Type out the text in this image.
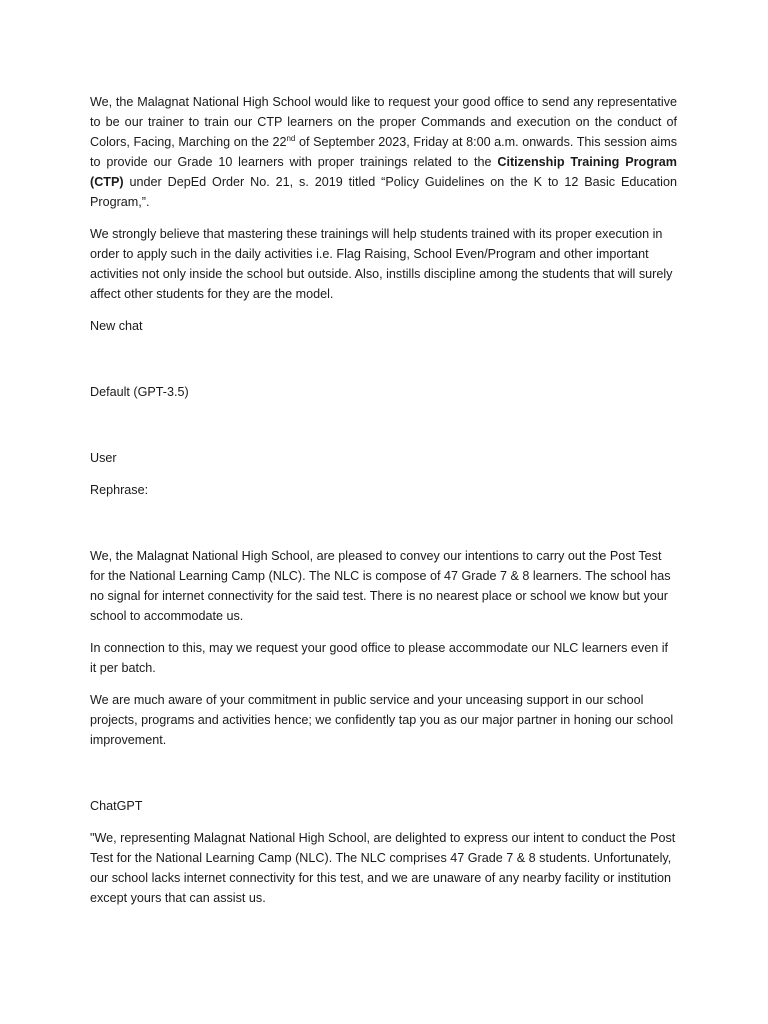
We, the Malagnat National High School would like to request your good office to send any representative to be our trainer to train our CTP learners on the proper Commands and execution on the conduct of Colors, Facing, Marching on the 22nd of September 2023, Friday at 8:00 a.m. onwards. This session aims to provide our Grade 10 learners with proper trainings related to the Citizenship Training Program (CTP) under DepEd Order No. 21, s. 2019 titled “Policy Guidelines on the K to 12 Basic Education Program,”.

We strongly believe that mastering these trainings will help students trained with its proper execution in order to apply such in the daily activities i.e. Flag Raising, School Even/Program and other important activities not only inside the school but outside. Also, instills discipline among the students that will surely affect other students for they are the model.

New chat

Default (GPT-3.5)

User

Rephrase:

We, the Malagnat National High School, are pleased to convey our intentions to carry out the Post Test for the National Learning Camp (NLC). The NLC is compose of 47 Grade 7 & 8 learners. The school has no signal for internet connectivity for the said test. There is no nearest place or school we know but your school to accommodate us.

In connection to this, may we request your good office to please accommodate our NLC learners even if it per batch.

We are much aware of your commitment in public service and your unceasing support in our school projects, programs and activities hence; we confidently tap you as our major partner in honing our school improvement.

ChatGPT

"We, representing Malagnat National High School, are delighted to express our intent to conduct the Post Test for the National Learning Camp (NLC). The NLC comprises 47 Grade 7 & 8 students. Unfortunately, our school lacks internet connectivity for this test, and we are unaware of any nearby facility or institution except yours that can assist us.
